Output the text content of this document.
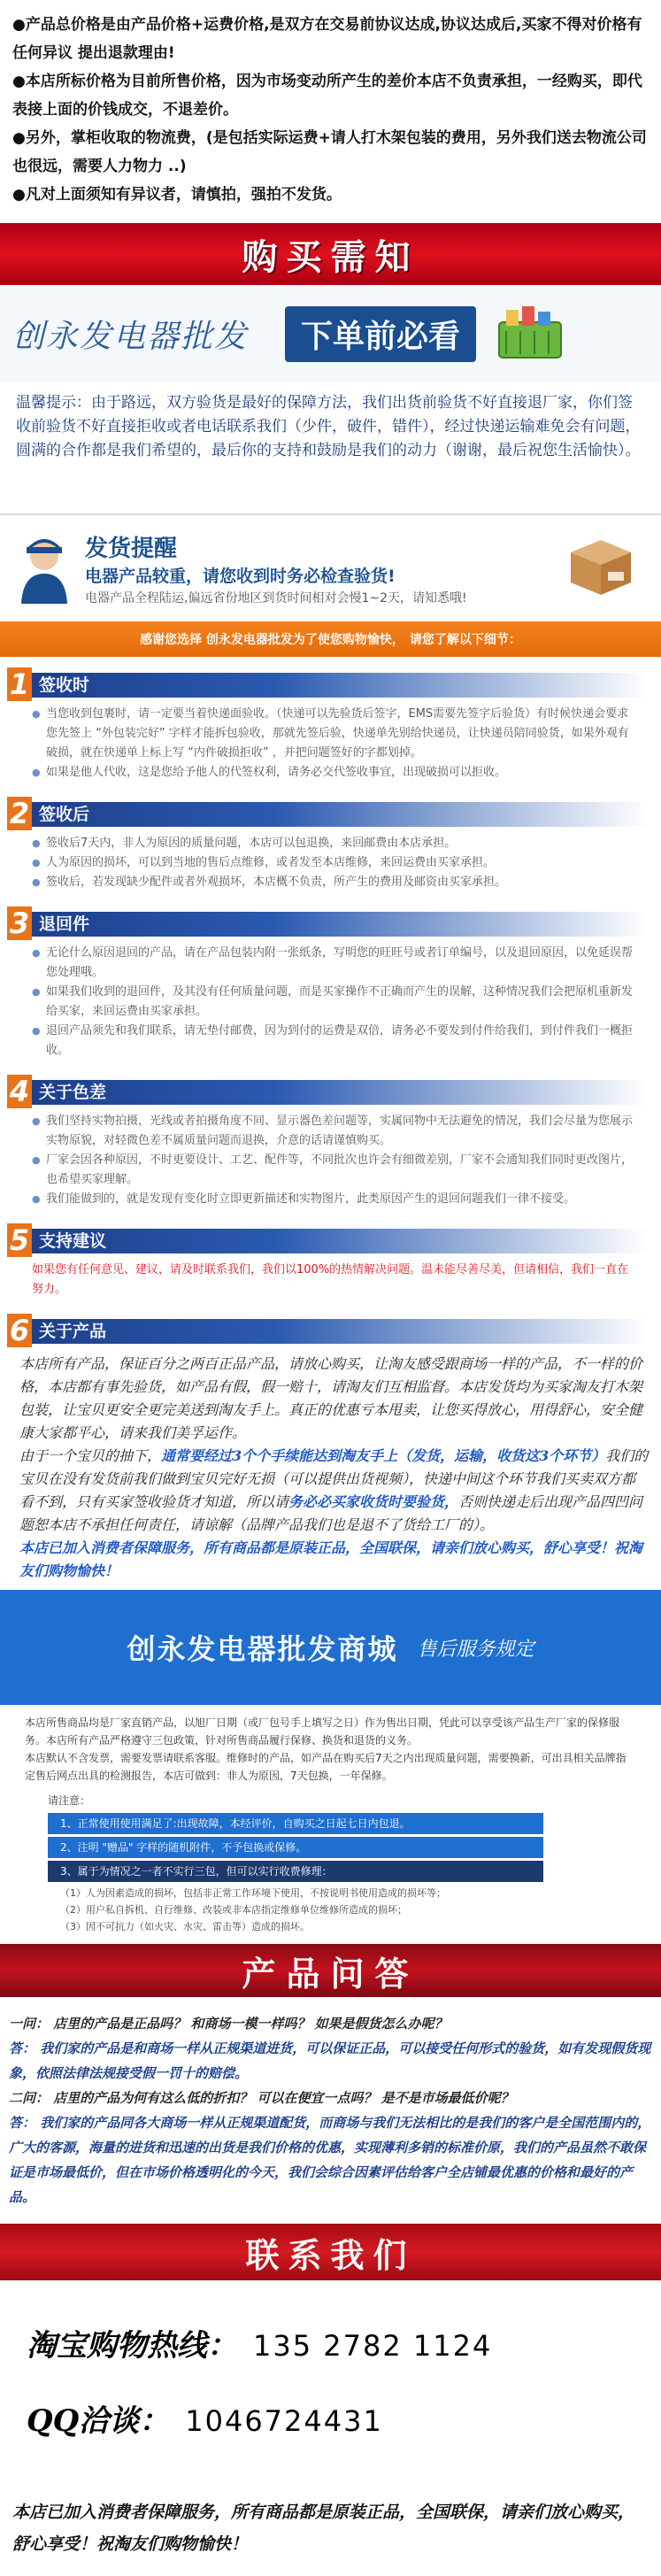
●产品总价格是由产品价格+运费价格,是双方在交易前协议达成,协议达成后,买家不得对价格有任何异议 提出退款理由!

●本店所标价格为目前所售价格，因为市场变动所产生的差价本店不负责承担，一经购买，即代表接上面的价钱成交，不退差价。

●另外，掌柜收取的物流费，(是包括实际运费+请人打木架包装的费用，另外我们送去物流公司也很远，需要人力物力 ..)

●凡对上面须知有异议者，请慎拍，强拍不发货。

购买需知
创永发电器批发	下单前必看
温馨提示：由于路远，双方验货是最好的保障方法，我们出货前验货不好直接退厂家，你们签收前验货不好直接拒收或者电话联系我们（少件，破件，错件），经过快递运输难免会有问题，圆满的合作都是我们希望的，最后你的支持和鼓励是我们的动力（谢谢，最后祝您生活愉快）。
发货提醒
电器产品较重，请您收到时务必检查验货!
电器产品全程陆运,偏远省份地区到货时间相对会慢1~2天，请知悉哦!
感谢您选择 创永发电器批发为了使您购物愉快， 请您了解以下细节：
1 签收时
● 当您收到包裹时，请一定要当着快递面验收。（快递可以先验货后签字，EMS需要先签字后验货）有时候快递会要求您先签上 “外包装完好” 字样才能拆包验收，那就先签后验，快递单先别给快递员，让快递员陪同验货，如果外观有破损，就在快递单上标上写 “内件破损拒收” ，并把问题签好的字都划掉。
● 如果是他人代收，这是您给予他人的代签权利，请务必交代签收事宜，出现破损可以拒收。
2 签收后
● 签收后7天内，非人为原因的质量问题，本店可以包退换，来回邮费由本店承担。
● 人为原因的损坏，可以到当地的售后点维修，或者发至本店维修，来回运费由买家承担。
● 签收后，若发现缺少配件或者外观损坏，本店概不负责，所产生的费用及邮资由买家承担。
3 退回件
● 无论什么原因退回的产品，请在产品包装内附一张纸条，写明您的旺旺号或者订单编号，以及退回原因，以免延误帮您处理哦。
● 如果我们收到的退回件，及其没有任何质量问题，而是买家操作不正确而产生的误解，这种情况我们会把原机重新发给买家，来回运费由买家承担。
● 退回产品须先和我们联系，请无垫付邮费，因为到付的运费是双倍，请务必不要发到付件给我们，到付件我们一概拒收。
4 关于色差
● 我们坚持实物拍摄，光线或者拍摄角度不同、显示器色差问题等，实属同物中无法避免的情况，我们会尽量为您展示实物原貌，对轻微色差不属质量问题而退换，介意的话请谨慎购买。
● 厂家会因各种原因，不时更要设计、工艺、配件等，不同批次也许会有细微差别，厂家不会通知我们同时更改图片，也希望买家理解。
● 我们能做到的，就是发现有变化时立即更新描述和实物图片，此类原因产生的退回问题我们一律不接受。
5 支持建议
如果您有任何意见、建议，请及时联系我们，我们以100%的热情解决问题。温未能尽善尽美，但请相信，我们一直在努力。
6 关于产品

本店所有产品，保证百分之两百正品产品，请放心购买，让淘友感受跟商场一样的产品，不一样的价格，本店都有事先验货，如产品有假，假一赔十，请淘友们互相监督。本店发货均为买家淘友打木架包装，让宝贝更安全更完美送到淘友手上。真正的优惠亏本甩卖，让您买得放心，用得舒心，安全健康大家都平心，请来我们美孚运作。

由于一个宝贝的抽下，通常要经过3个个手续能达到淘友手上（发货，运输，收货这3个环节）我们的宝贝在没有发货前我们做到宝贝完好无损（可以提供出货视频），快递中间这个环节我们买卖双方都看不到，只有买家签收验货才知道，所以请务必必买家收货时要验货，否则快递走后出现产品四凹问题恕本店不承担任何责任，请谅解（品牌产品我们也是退不了货给工厂的）。

本店已加入消费者保障服务，所有商品都是原装正品，全国联保，请亲们放心购买，舒心享受！祝淘友们购物愉快！

创永发电器批发商城 售后服务规定

本店所售商品均是厂家直销产品，以旭厂日期（或厂包号手上填写之日）作为售出日期，凭此可以享受该产品生产厂家的保修服务。本店所有产品严格遵守三包政策，针对所售商品履行保修、换货和退货的义务。

本店默认不含发票，需要发票请联系客服。维修时的产品，如产品在购买后7天之内出现质量问题，需要换新，可出具相关品牌指定售后网点出具的检测报告，本店可做到：非人为原因，7天包换，一年保修。

请注意：
1、正常使用使用满足了:出现故障，本经评价，自购买之日起七日内包退。
2、注明 "赠品" 字样的随机附件，不予包换或保修。
3、属于为情况之一者不实行三包，但可以实行收费修理：
（1）人为因素造成的损坏，包括非正常工作环境下使用，不按说明书使用造成的损坏等；
（2）用户私自拆机、自行维修、改装或非本店指定维修单位维修所造成的损坏；
（3）因不可抗力（如火灾、水灾、雷击等）造成的损坏。
产品问答
一问： 店里的产品是正品吗？ 和商场一模一样吗？ 如果是假货怎么办呢？
答： 我们家的产品是和商场一样从正规渠道进货，可以保证正品，可以接受任何形式的验货，如有发现假货现象，依照法律法规接受假一罚十的赔偿。
二问： 店里的产品为何有这么低的折扣？ 可以在便宜一点吗？ 是不是市场最低价呢？
答： 我们家的产品同各大商场一样从正规渠道配货，而商场与我们无法相比的是我们的客户是全国范围内的，广大的客源，海量的进货和迅速的出货是我们价格的优惠，实现薄利多销的标准价原，我们的产品虽然不敢保证是市场最低价，但在市场价格透明化的今天，我们会综合因素评估给客户全店铺最优惠的价格和最好的产品。
联系我们
淘宝购物热线： 135 2782 1124
QQ洽谈： 1046724431
本店已加入消费者保障服务，所有商品都是原装正品，全国联保，请亲们放心购买，舒心享受！祝淘友们购物愉快！
